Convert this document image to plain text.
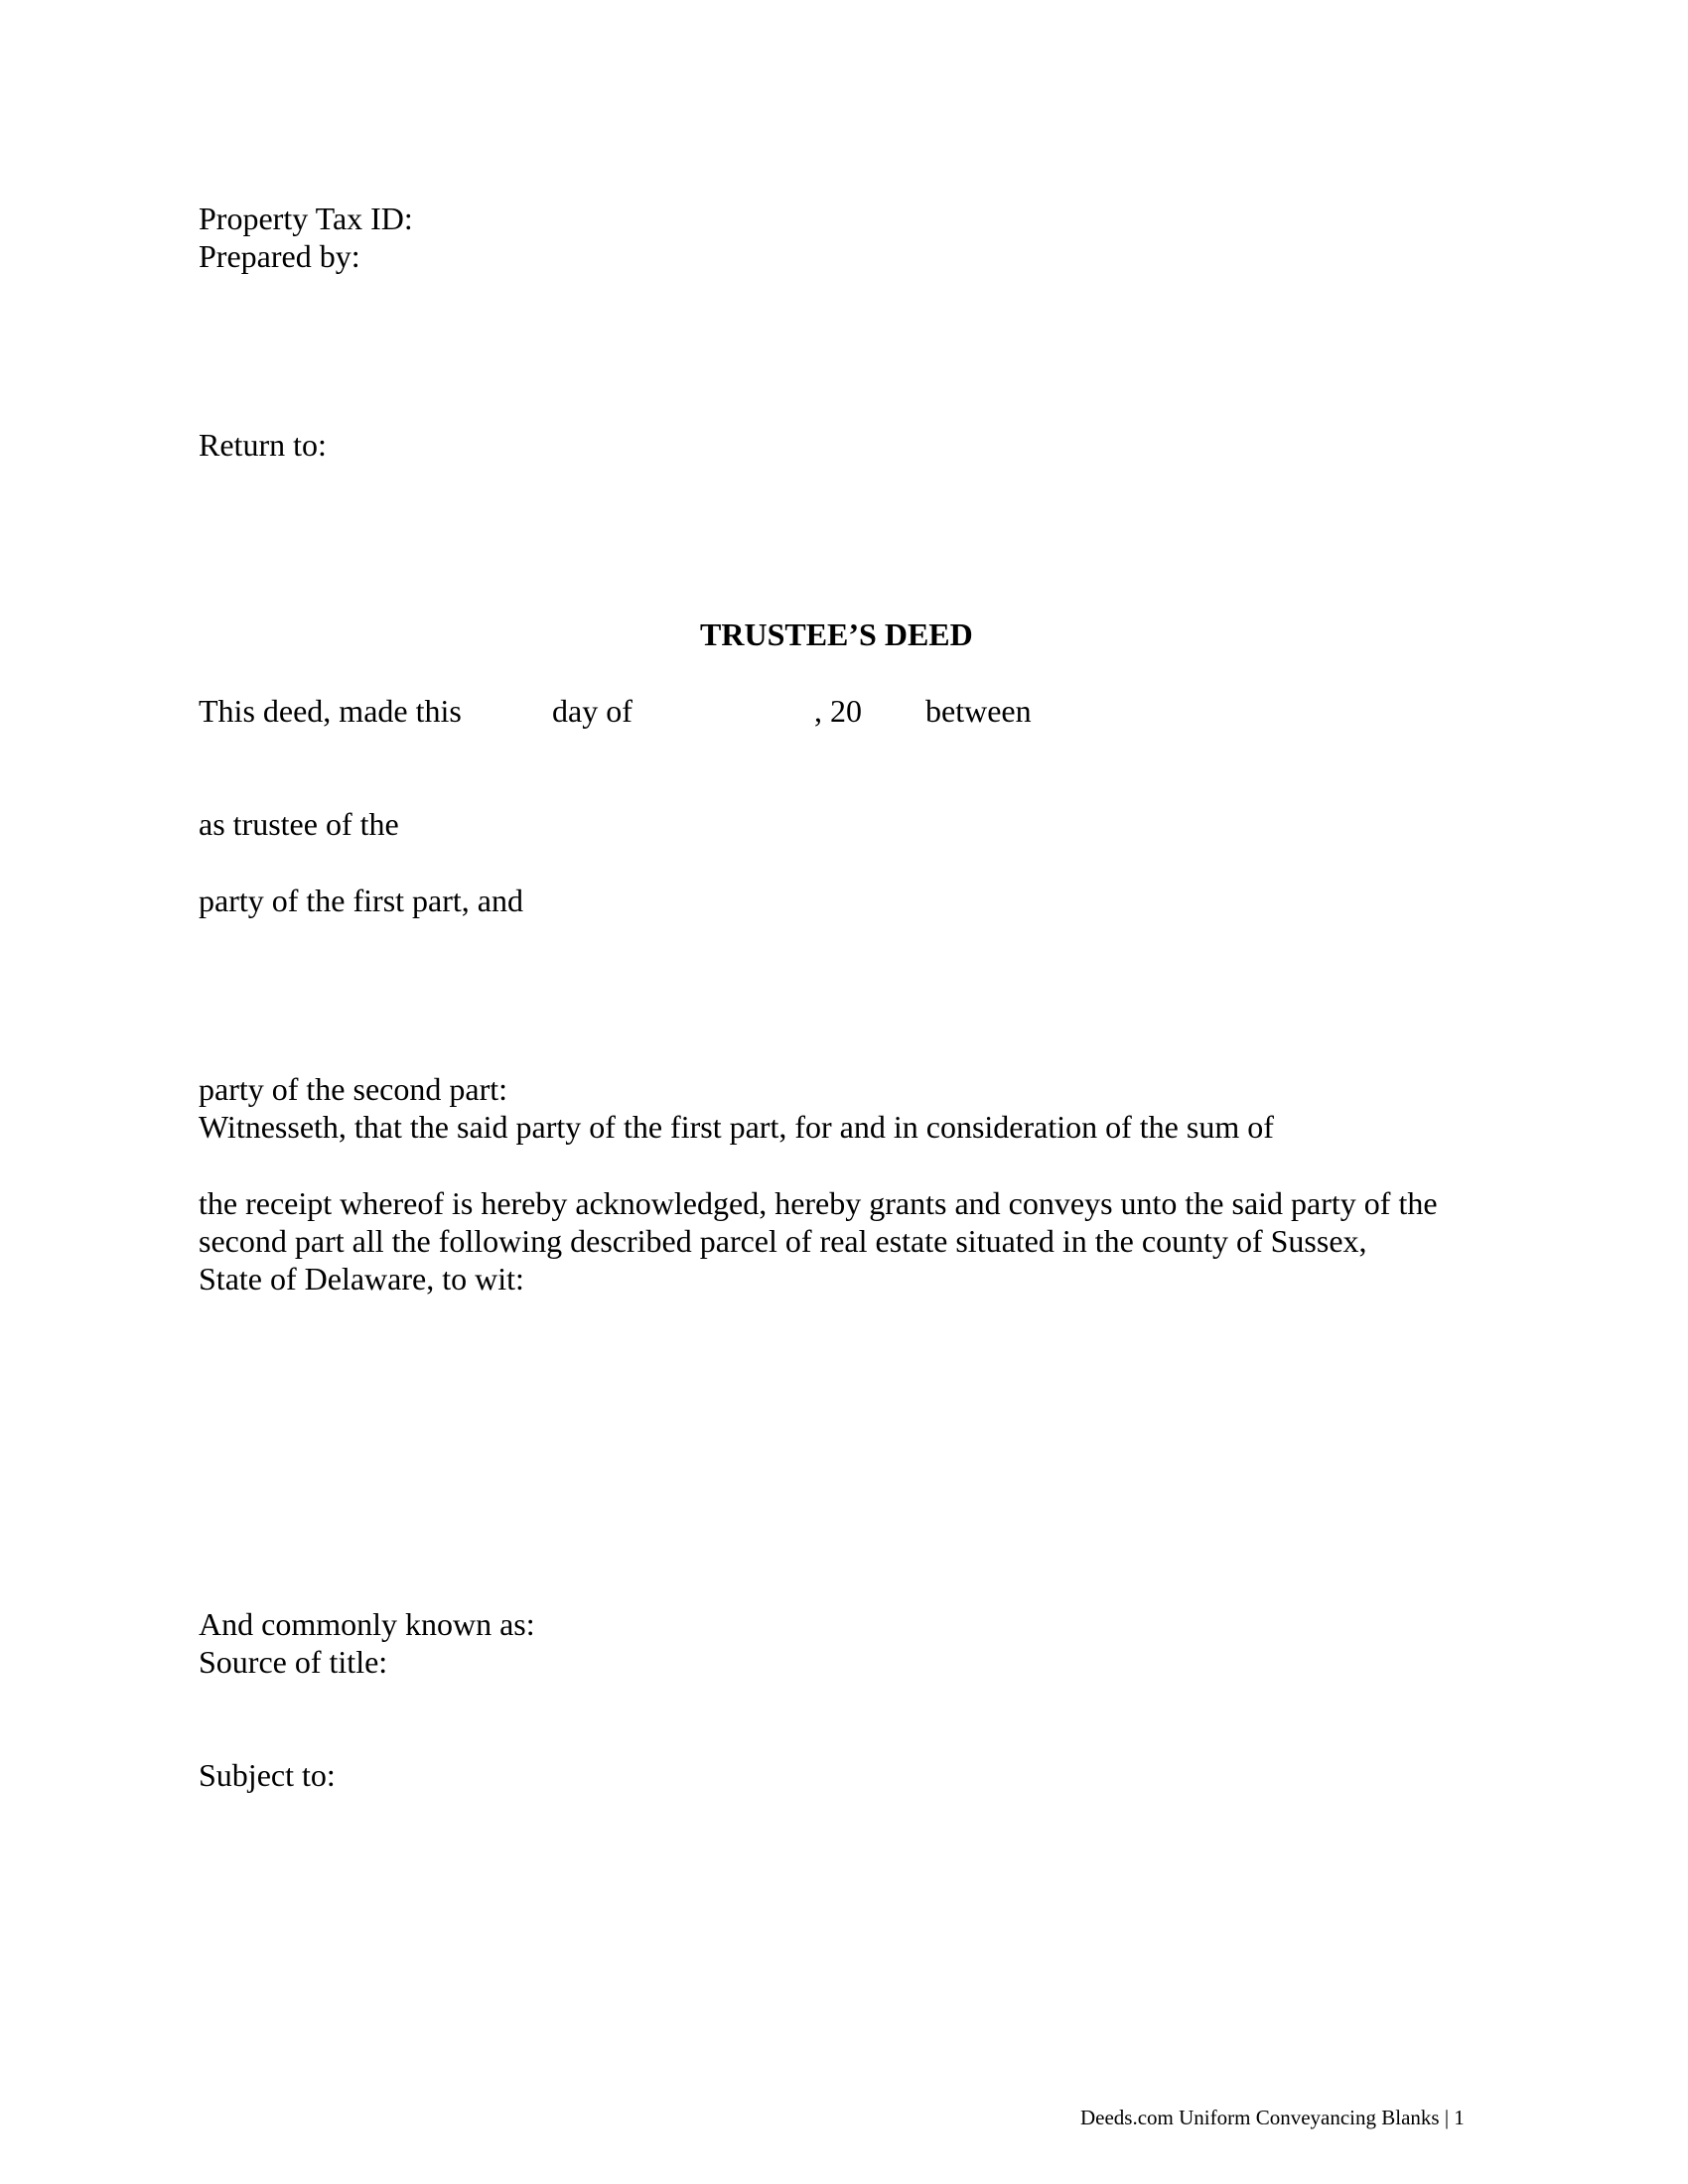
Property Tax ID:

Prepared by:

Return to:

TRUSTEE’S DEED

This deed, made this	day of	, 20 between

as trustee of the

party of the first part, and

party of the second part:

Witnesseth, that the said party of the first part, for and in consideration of the sum of

the receipt whereof is hereby acknowledged, hereby grants and conveys unto the said party of the

second part all the following described parcel of real estate situated in the county of Sussex,

State of Delaware, to wit:

And commonly known as:

Source of title:

Subject to:

Deeds.com Uniform Conveyancing Blanks | 1
